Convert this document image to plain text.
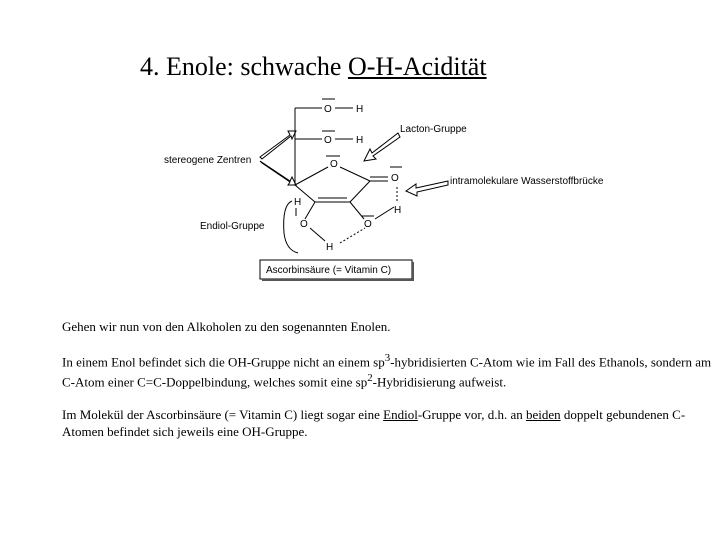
4. Enole: schwache O-H-Acidität
O H
O H
O
O
H
O
H
O
H
Lacton-Gruppe
stereogene Zentren
intramolekulare Wasserstoffbrücke
Endiol-Gruppe
Ascorbinsäure (= Vitamin C)

Gehen wir nun von den Alkoholen zu den sogenannten Enolen.

In einem Enol befindet sich die OH-Gruppe nicht an einem $sp^3$-hybridisierten C-Atom wie im Fall des Ethanols, sondern am C-Atom einer C=C-Doppelbindung, welches somit eine $sp^2$-Hybridisierung aufweist.

Im Molekül der Ascorbinsäure (= Vitamin C) liegt sogar eine Endiol-Gruppe vor, d.h. an beiden doppelt gebundenen C-Atomen befindet sich jeweils eine OH-Gruppe.
